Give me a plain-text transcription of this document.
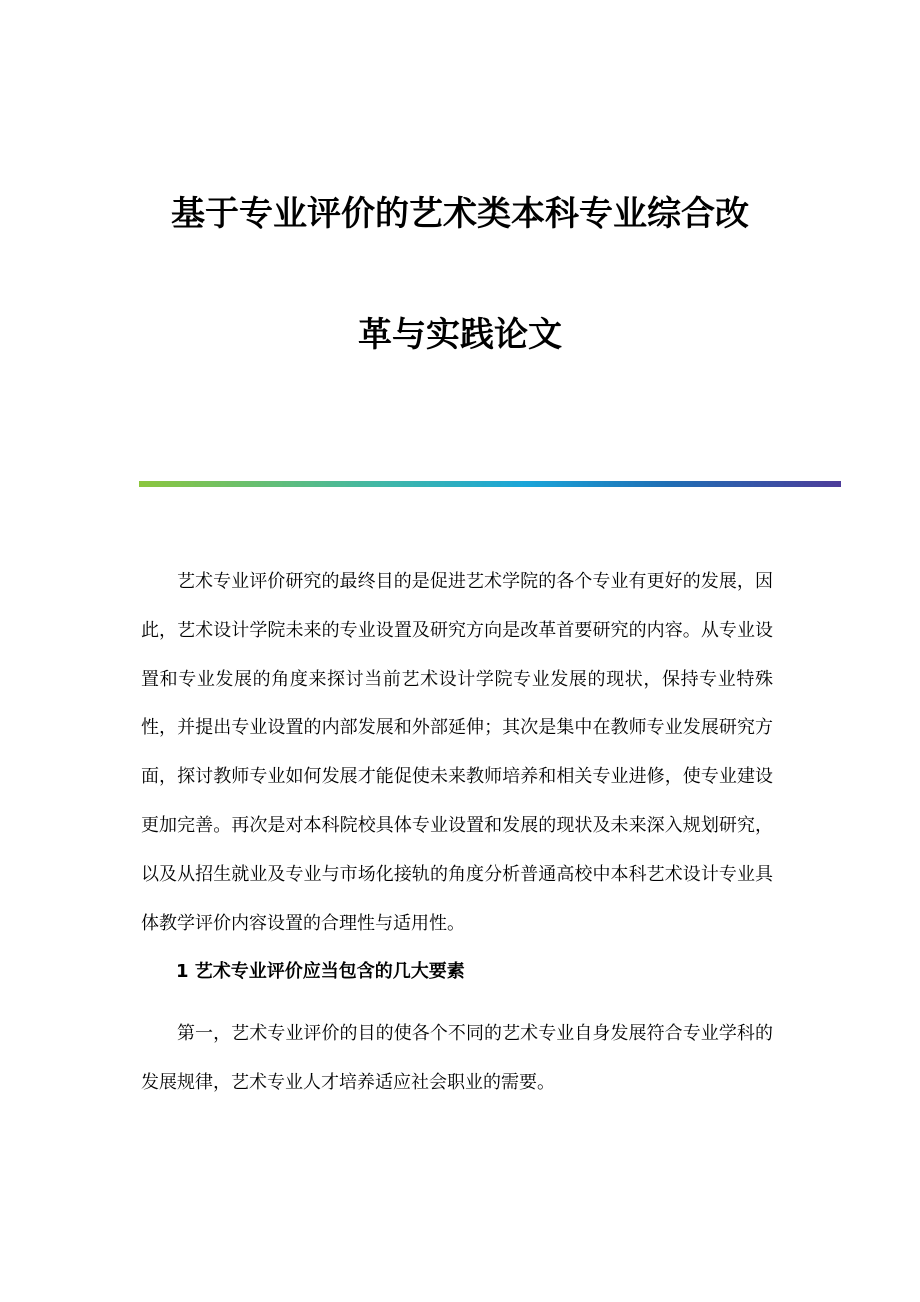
基于专业评价的艺术类本科专业综合改
革与实践论文

艺术专业评价研究的最终目的是促进艺术学院的各个专业有更好的发展，因此，艺术设计学院未来的专业设置及研究方向是改革首要研究的内容。从专业设置和专业发展的角度来探讨当前艺术设计学院专业发展的现状，保持专业特殊性，并提出专业设置的内部发展和外部延伸；其次是集中在教师专业发展研究方面，探讨教师专业如何发展才能促使未来教师培养和相关专业进修，使专业建设更加完善。再次是对本科院校具体专业设置和发展的现状及未来深入规划研究，以及从招生就业及专业与市场化接轨的角度分析普通高校中本科艺术设计专业具体教学评价内容设置的合理性与适用性。

1 艺术专业评价应当包含的几大要素

第一，艺术专业评价的目的使各个不同的艺术专业自身发展符合专业学科的发展规律，艺术专业人才培养适应社会职业的需要。
